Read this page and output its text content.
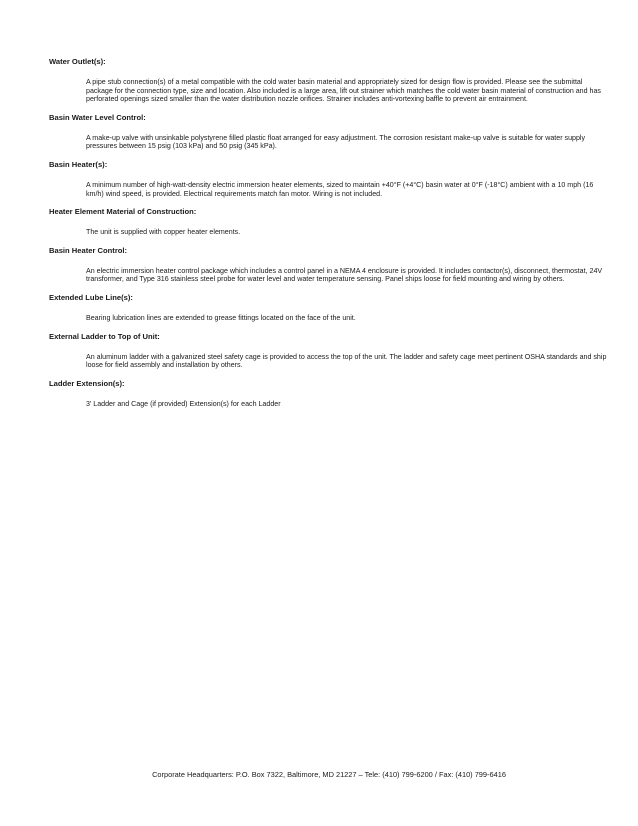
Water Outlet(s):
A pipe stub connection(s) of a metal compatible with the cold water basin material and appropriately sized for design flow is provided. Please see the submittal package for the connection type, size and location. Also included is a large area, lift out strainer which matches the cold water basin material of construction and has perforated openings sized smaller than the water distribution nozzle orifices. Strainer includes anti-vortexing baffle to prevent air entrainment.
Basin Water Level Control:
A make-up valve with unsinkable polystyrene filled plastic float arranged for easy adjustment. The corrosion resistant make-up valve is suitable for water supply pressures between 15 psig (103 kPa) and 50 psig (345 kPa).
Basin Heater(s):
A minimum number of high-watt-density electric immersion heater elements, sized to maintain +40°F (+4°C) basin water at 0°F (-18°C) ambient with a 10 mph (16 km/h) wind speed, is provided. Electrical requirements match fan motor. Wiring is not included.
Heater Element Material of Construction:
The unit is supplied with copper heater elements.
Basin Heater Control:
An electric immersion heater control package which includes a control panel in a NEMA 4 enclosure is provided. It includes contactor(s), disconnect, thermostat, 24V transformer, and Type 316 stainless steel probe for water level and water temperature sensing. Panel ships loose for field mounting and wiring by others.
Extended Lube Line(s):
Bearing lubrication lines are extended to grease fittings located on the face of the unit.
External Ladder to Top of Unit:
An aluminum ladder with a galvanized steel safety cage is provided to access the top of the unit. The ladder and safety cage meet pertinent OSHA standards and ship loose for field assembly and installation by others.
Ladder Extension(s):
3' Ladder and Cage (if provided) Extension(s) for each Ladder
Corporate Headquarters: P.O. Box 7322, Baltimore, MD 21227 – Tele: (410) 799-6200 / Fax: (410) 799-6416
